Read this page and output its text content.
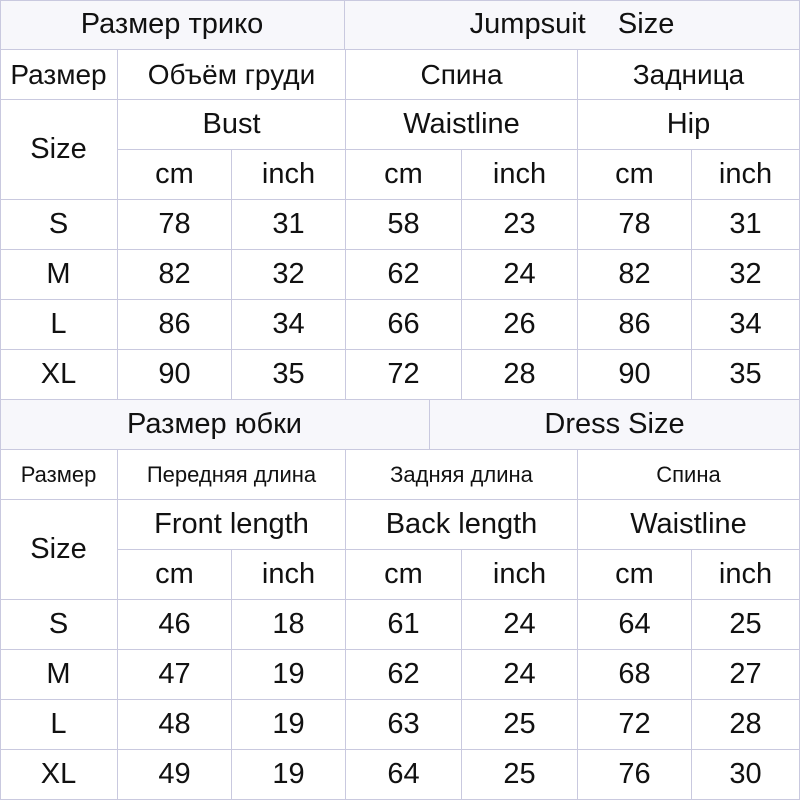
Размер трико	Jumpsuit    Size
Размер	Объём груди	Спина	Задница
Size
Bust	Waistline	Hip
cm	inch	cm	inch	cm	inch
S	78	31	58	23	78	31
M	82	32	62	24	82	32
L	86	34	66	26	86	34
XL	90	35	72	28	90	35
Размер юбки	Dress Size
Размер	Передняя длина	Задняя длина	Спина
Size
Front length	Back length	Waistline
cm	inch	cm	inch	cm	inch
S	46	18	61	24	64	25
M	47	19	62	24	68	27
L	48	19	63	25	72	28
XL	49	19	64	25	76	30
